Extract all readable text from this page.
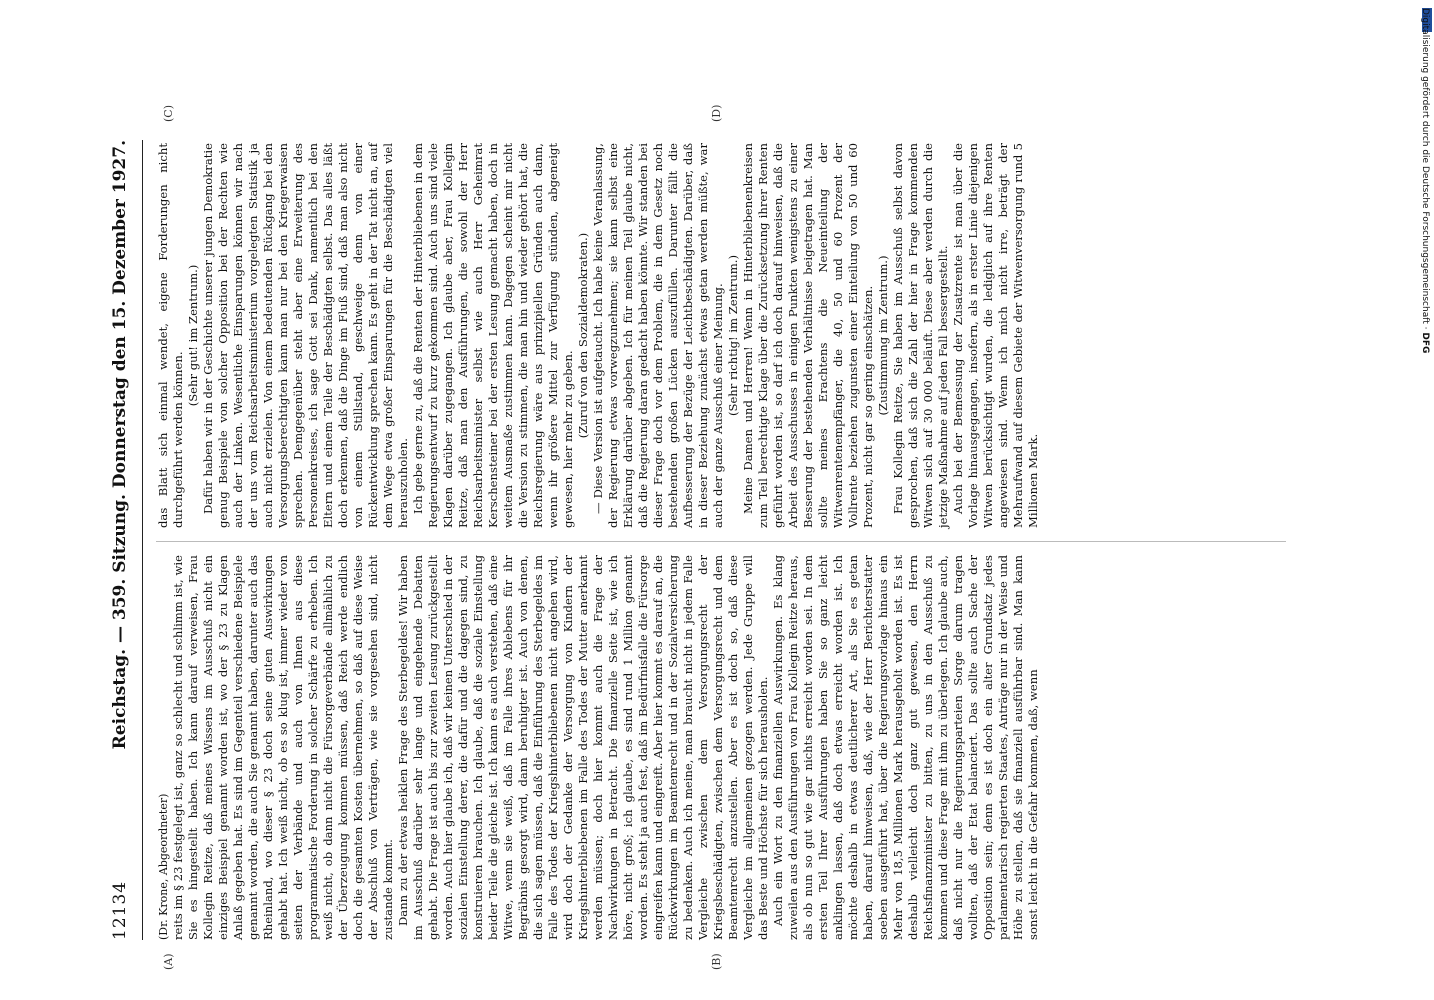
12134
Reichstag. — 359. Sitzung. Donnerstag den 15. Dezember 1927.
(A)	(B)
(C)	(D)

(Dr. Krone, Abgeordneter) reits im § 23 festgelegt ist, ganz so schlecht und schlimm ist, wie Sie es hingestellt haben. Ich kann darauf verweisen, Frau Kollegin Reitze, daß meines Wissens im Ausschuß nicht ein einziges Beispiel genannt worden ist, wo der § 23 zu Klagen Anlaß gegeben hat. Es sind im Gegenteil verschiedene Beispiele genannt worden, die auch Sie genannt haben, darunter auch das Rheinland, wo dieser § 23 doch seine guten Auswirkungen gehabt hat. Ich weiß nicht, ob es so klug ist, immer wieder von seiten der Verbände und auch von Ihnen aus diese programmatische Forderung in solcher Schärfe zu erheben. Ich weiß nicht, ob dann nicht die Fürsorgeverbände allmählich zu der Überzeugung kommen müssen, daß Reich werde endlich doch die gesamten Kosten übernehmen, so daß auf diese Weise der Abschluß von Verträgen, wie sie vorgesehen sind, nicht zustande kommt. Dann zu der etwas heiklen Frage des Sterbegeldes! Wir haben im Ausschuß darüber sehr lange und eingehende Debatten gehabt. Die Frage ist auch bis zur zweiten Lesung zurückgestellt worden. Auch hier glaube ich, daß wir keinen Unterschied in der sozialen Einstellung derer, die dafür und die dagegen sind, zu konstruieren brauchen. Ich glaube, daß die soziale Einstellung beider Teile die gleiche ist. Ich kann es auch verstehen, daß eine Witwe, wenn sie weiß, daß im Falle ihres Ablebens für ihr Begräbnis gesorgt wird, dann beruhigter ist. Auch von denen, die sich sagen müssen, daß die Einführung des Sterbegeldes im Falle des Todes der Kriegshinterbliebenen nicht angehen wird, wird doch der Gedanke der Versorgung von Kindern der Kriegshinterbliebenen im Falle des Todes der Mutter anerkannt werden müssen; doch hier kommt auch die Frage der Nachwirkungen in Betracht. Die finanzielle Seite ist, wie ich höre, nicht groß; ich glaube, es sind rund 1 Million genannt worden. Es steht ja auch fest, daß im Bedürfnisfalle die Fürsorge eingreifen kann und eingreift. Aber hier kommt es darauf an, die Rückwirkungen im Beamtenrecht und in der Sozialversicherung zu bedenken. Auch ich meine, man braucht nicht in jedem Falle Vergleiche zwischen dem Versorgungsrecht der Kriegsbeschädigten, zwischen dem Versorgungsrecht und dem Beamtenrecht anzustellen. Aber es ist doch so, daß diese Vergleiche im allgemeinen gezogen werden. Jede Gruppe will das Beste und Höchste für sich herausholen. Auch ein Wort zu den finanziellen Auswirkungen. Es klang zuweilen aus den Ausführungen von Frau Kollegin Reitze heraus, als ob nun so gut wie gar nichts erreicht worden sei. In dem ersten Teil Ihrer Ausführungen haben Sie so ganz leicht anklingen lassen, daß doch etwas erreicht worden ist. Ich möchte deshalb in etwas deutlicherer Art, als Sie es getan haben, darauf hinweisen, daß, wie der Herr Berichterstatter soeben ausgeführt hat, über die Regierungsvorlage hinaus ein Mehr von 18,5 Millionen Mark herausgeholt worden ist. Es ist deshalb vielleicht doch ganz gut gewesen, den Herrn Reichsfinanzminister zu bitten, zu uns in den Ausschuß zu kommen und diese Frage mit ihm zu überlegen. Ich glaube auch, daß nicht nur die Regierungsparteien Sorge darum tragen wollten, daß der Etat balanciert. Das sollte auch Sache der Opposition sein; denn es ist doch ein alter Grundsatz jedes parlamentarisch regierten Staates, Anträge nur in der Weise und Höhe zu stellen, daß sie finanziell ausführbar sind. Man kann sonst leicht in die Gefahr kommen, daß, wenn

das Blatt sich einmal wendet, eigene Forderungen nicht durchgeführt werden können.

(Sehr gut! im Zentrum.) Dafür haben wir in der Geschichte unserer jungen Demokratie genug Beispiele von solcher Opposition bei der Rechten wie auch der Linken. Wesentliche Einsparungen können wir nach der uns vom Reichsarbeitsministerium vorgelegten Statistik ja auch nicht erzielen. Von einem bedeutenden Rückgang bei den Versorgungsberechtigten kann man nur bei den Kriegerwaisen sprechen. Demgegenüber steht aber eine Erweiterung des Personenkreises, ich sage Gott sei Dank, namentlich bei den Eltern und einem Teile der Beschädigten selbst. Das alles läßt doch erkennen, daß die Dinge im Fluß sind, daß man also nicht von einem Stillstand, geschweige denn von einer Rückentwicklung sprechen kann. Es geht in der Tat nicht an, auf dem Wege etwa großer Einsparungen für die Beschädigten viel herauszuholen. Ich gebe gerne zu, daß die Renten der Hinterbliebenen in dem Regierungsentwurf zu kurz gekommen sind. Auch uns sind viele Klagen darüber zugegangen. Ich glaube aber, Frau Kollegin Reitze, daß man den Ausführungen, die sowohl der Herr Reichsarbeitsminister selbst wie auch Herr Geheimrat Kerschensteiner bei der ersten Lesung gemacht haben, doch in weitem Ausmaße zustimmen kann. Dagegen scheint mir nicht die Version zu stimmen, die man hin und wieder gehört hat, die Reichsregierung wäre aus prinzipiellen Gründen auch dann, wenn ihr größere Mittel zur Verfügung stünden, abgeneigt gewesen, hier mehr zu geben.

(Zuruf von den Sozialdemokraten.) — Diese Version ist aufgetaucht. Ich habe keine Veranlassung, der Regierung etwas vorwegzunehmen; sie kann selbst eine Erklärung darüber abgeben. Ich für meinen Teil glaube nicht, daß die Regierung daran gedacht haben könnte. Wir standen bei dieser Frage doch vor dem Problem, die in dem Gesetz noch bestehenden großen Lücken auszufüllen. Darunter fällt die Aufbesserung der Bezüge der Leichtbeschädigten. Darüber, daß in dieser Beziehung zunächst etwas getan werden müßte, war auch der ganze Ausschuß einer Meinung. (Sehr richtig! im Zentrum.) Meine Damen und Herren! Wenn in Hinterbliebenenkreisen zum Teil berechtigte Klage über die Zurücksetzung ihrer Renten geführt worden ist, so darf ich doch darauf hinweisen, daß die Arbeit des Ausschusses in einigen Punkten wenigstens zu einer Besserung der bestehenden Verhältnisse beigetragen hat. Man sollte meines Erachtens die Neueinteilung der Witwenrentenempfänger, die 40, 50 und 60 Prozent der Vollrente beziehen zugunsten einer Einteilung von 50 und 60 Prozent, nicht gar so gering einschätzen. (Zustimmung im Zentrum.) Frau Kollegin Reitze, Sie haben im Ausschuß selbst davon gesprochen, daß sich die Zahl der hier in Frage kommenden Witwen sich auf 30 000 beläuft. Diese aber werden durch die jetzige Maßnahme auf jeden Fall bessergestellt. Auch bei der Bemessung der Zusatzrente ist man über die Vorlage hinausgegangen, insofern, als in erster Linie diejenigen Witwen berücksichtigt wurden, die lediglich auf ihre Renten angewiesen sind. Wenn ich mich nicht irre, beträgt der Mehraufwand auf diesem Gebiete der Witwenversorgung rund 5 Millionen Mark.

Digitalisierung gefördert durch die Deutsche Forschungsgemeinschaft · DFG
